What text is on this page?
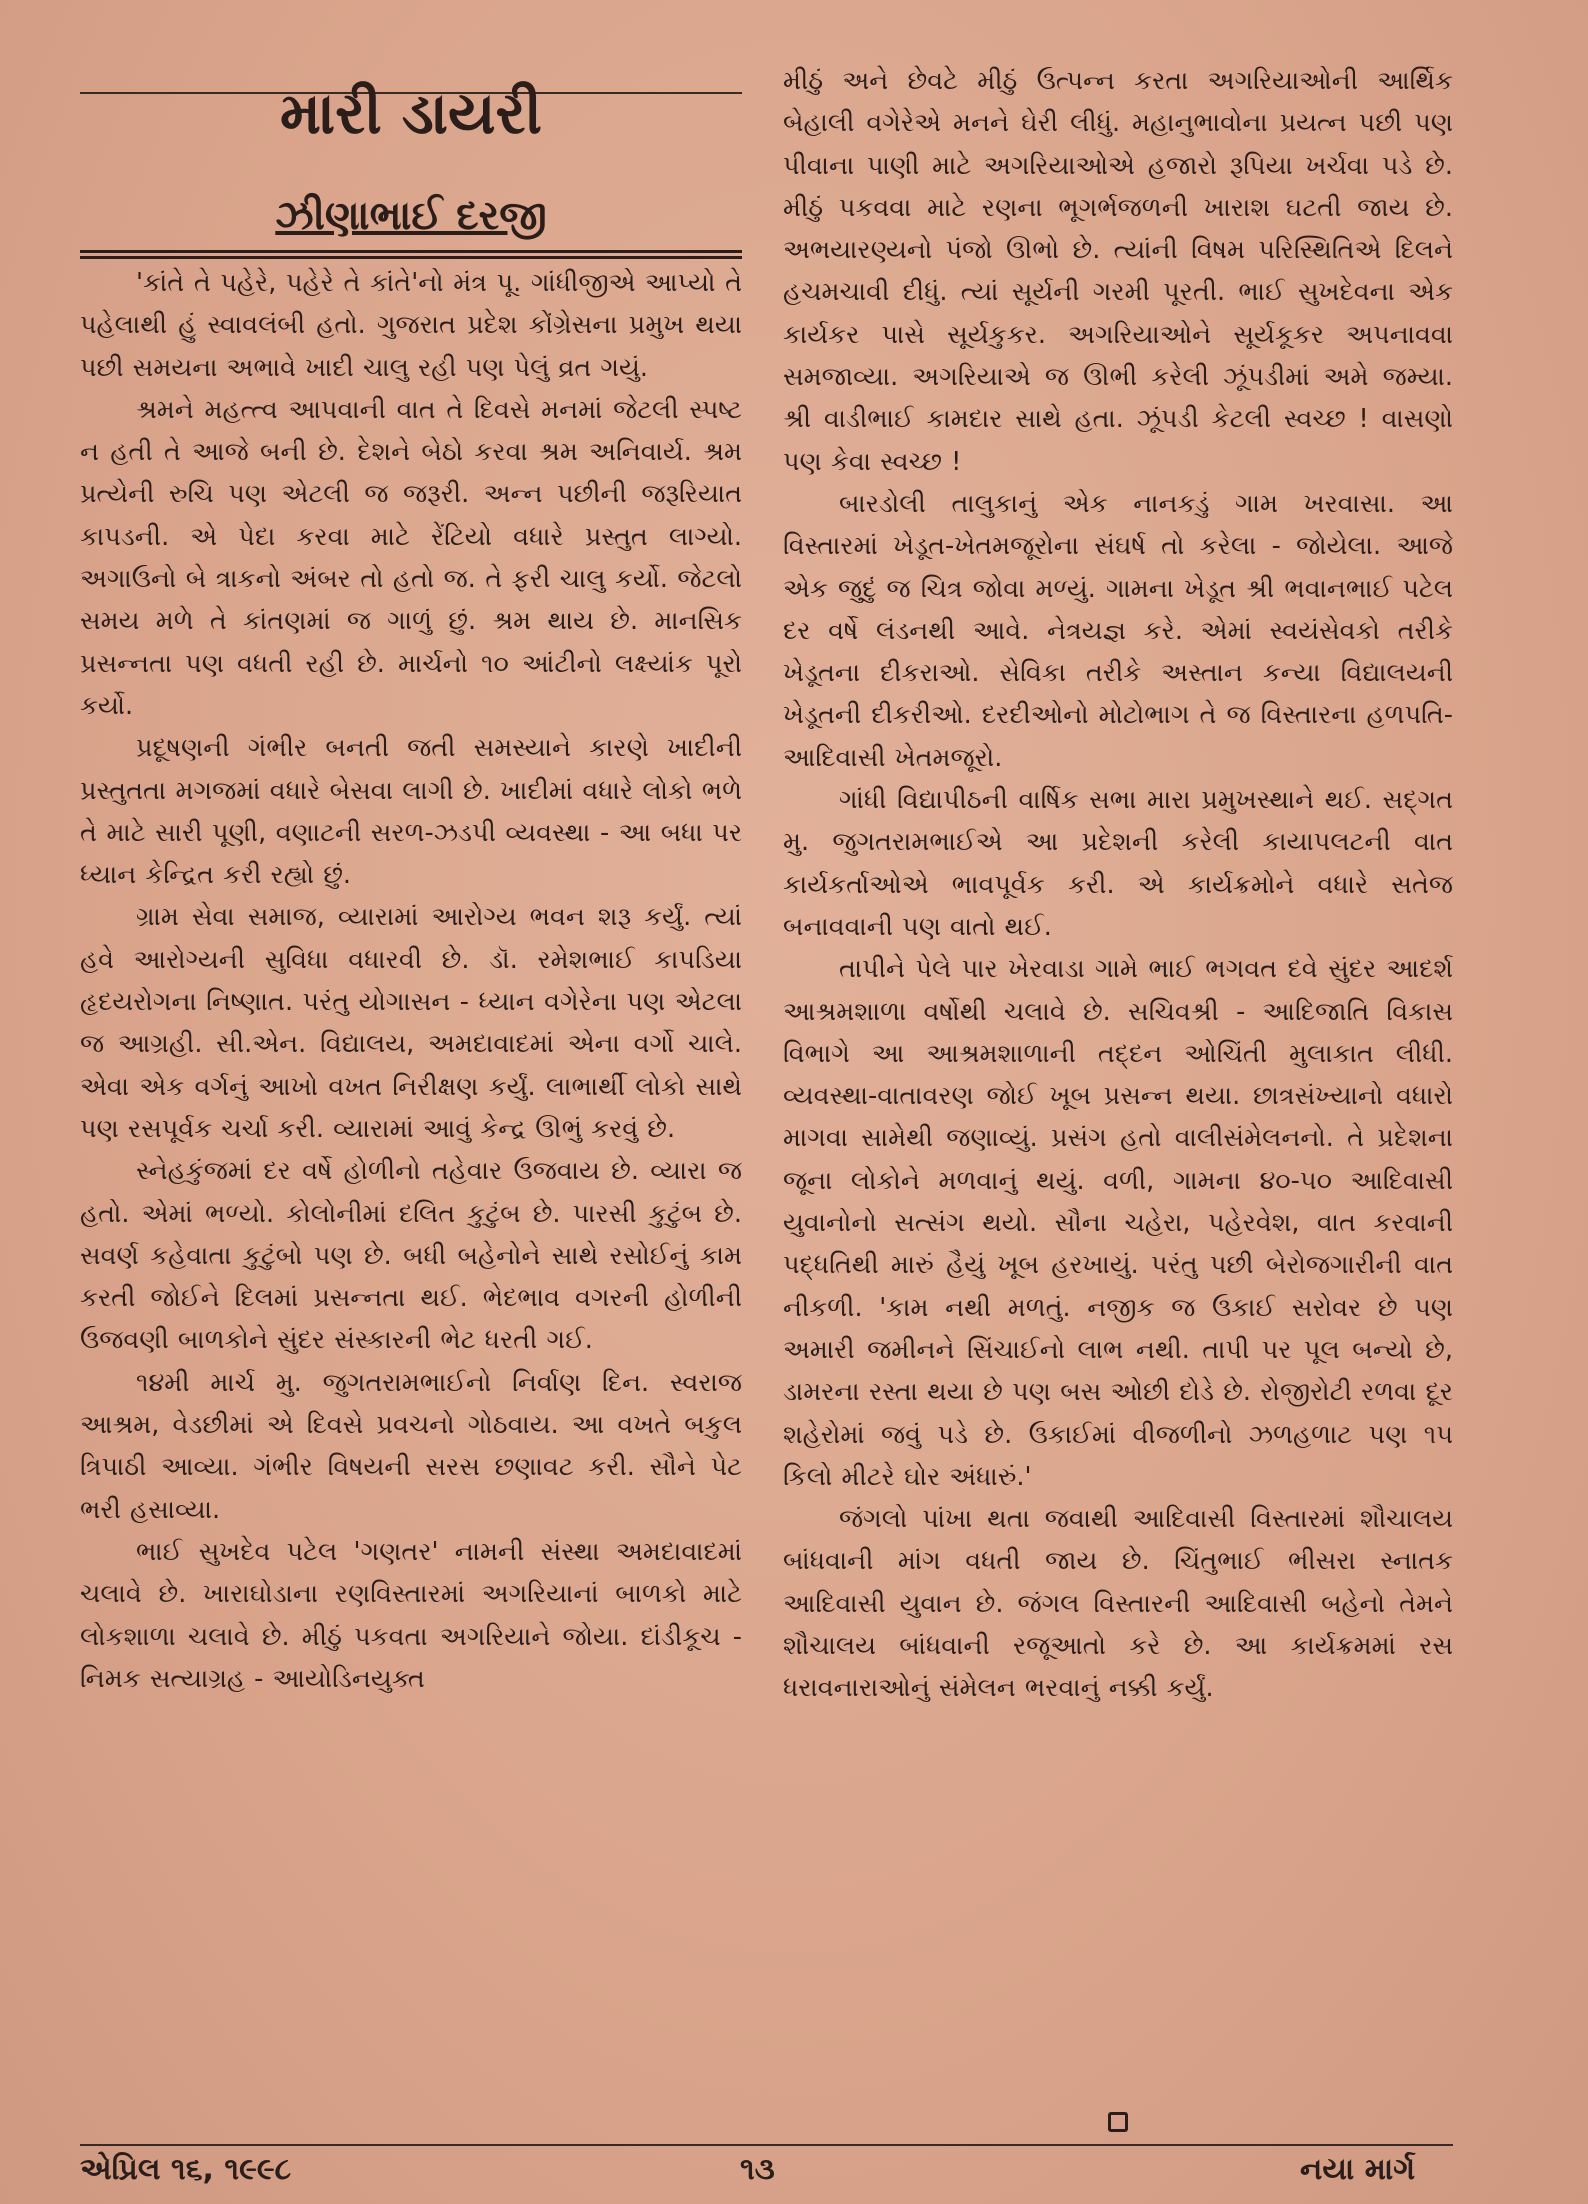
મારી ડાયરી
ઝીણાભાઈ દરજી

'કાંતે તે પહેરે, પહેરે તે કાંતે'નો મંત્ર પૂ. ગાંધીજીએ આપ્યો તે પહેલાથી હું સ્વાવલંબી હતો. ગુજરાત પ્રદેશ કોંગ્રેસના પ્રમુખ થયા પછી સમયના અભાવે ખાદી ચાલુ રહી પણ પેલું વ્રત ગયું.

શ્રમને મહત્ત્વ આપવાની વાત તે દિવસે મનમાં જેટલી સ્પષ્ટ ન હતી તે આજે બની છે. દેશને બેઠો કરવા શ્રમ અનિવાર્ય. શ્રમ પ્રત્યેની રુચિ પણ એટલી જ જરૂરી. અન્ન પછીની જરૂરિયાત કાપડની. એ પેદા કરવા માટે રેંટિયો વધારે પ્રસ્તુત લાગ્યો. અગાઉનો બે ત્રાકનો અંબર તો હતો જ. તે ફરી ચાલુ કર્યો. જેટલો સમય મળે તે કાંતણમાં જ ગાળું છું. શ્રમ થાય છે. માનસિક પ્રસન્નતા પણ વધતી રહી છે. માર્ચનો ૧૦ આંટીનો લક્ષ્યાંક પૂરો કર્યો.

પ્રદૂષણની ગંભીર બનતી જતી સમસ્યાને કારણે ખાદીની પ્રસ્તુતતા મગજમાં વધારે બેસવા લાગી છે. ખાદીમાં વધારે લોકો ભળે તે માટે સારી પૂણી, વણાટની સરળ-ઝડપી વ્યવસ્થા - આ બધા પર ધ્યાન કેન્દ્રિત કરી રહ્યો છું.

ગ્રામ સેવા સમાજ, વ્યારામાં આરોગ્ય ભવન શરૂ કર્યું. ત્યાં હવે આરોગ્યની સુવિધા વધારવી છે. ડૉ. રમેશભાઈ કાપડિયા હૃદયરોગના નિષ્ણાત. પરંતુ યોગાસન - ધ્યાન વગેરેના પણ એટલા જ આગ્રહી. સી.એન. વિદ્યાલય, અમદાવાદમાં એના વર્ગો ચાલે. એવા એક વર્ગનું આખો વખત નિરીક્ષણ કર્યું. લાભાર્થી લોકો સાથે પણ રસપૂર્વક ચર્ચા કરી. વ્યારામાં આવું કેન્દ્ર ઊભું કરવું છે.

સ્નેહકુંજમાં દર વર્ષે હોળીનો તહેવાર ઉજવાય છે. વ્યારા જ હતો. એમાં ભળ્યો. કોલોનીમાં દલિત કુટુંબ છે. પારસી કુટુંબ છે. સવર્ણ કહેવાતા કુટુંબો પણ છે. બધી બહેનોને સાથે રસોઈનું કામ કરતી જોઈને દિલમાં પ્રસન્નતા થઈ. ભેદભાવ વગરની હોળીની ઉજવણી બાળકોને સુંદર સંસ્કારની ભેટ ધરતી ગઈ.

૧૪મી માર્ચ મુ. જુગતરામભાઈનો નિર્વાણ દિન. સ્વરાજ આશ્રમ, વેડછીમાં એ દિવસે પ્રવચનો ગોઠવાય. આ વખતે બકુલ ત્રિપાઠી આવ્યા. ગંભીર વિષયની સરસ છણાવટ કરી. સૌને પેટ ભરી હસાવ્યા.

ભાઈ સુખદેવ પટેલ 'ગણતર' નામની સંસ્થા અમદાવાદમાં ચલાવે છે. ખારાઘોડાના રણવિસ્તારમાં અગરિયાનાં બાળકો માટે લોકશાળા ચલાવે છે. મીઠું પકવતા અગરિયાને જોયા. દાંડીકૂચ - નિમક સત્યાગ્રહ - આયોડિનયુક્ત

મીઠું અને છેવટે મીઠું ઉત્પન્ન કરતા અગરિયાઓની આર્થિક બેહાલી વગેરેએ મનને ઘેરી લીધું. મહાનુભાવોના પ્રયત્ન પછી પણ પીવાના પાણી માટે અગરિયાઓએ હજારો રૂપિયા ખર્ચવા પડે છે. મીઠું પકવવા માટે રણના ભૂગર્ભજળની ખારાશ ઘટતી જાય છે. અભયારણ્યનો પંજો ઊભો છે. ત્યાંની વિષમ પરિસ્થિતિએ દિલને હચમચાવી દીધું. ત્યાં સૂર્યની ગરમી પૂરતી. ભાઈ સુખદેવના એક કાર્યકર પાસે સૂર્યકુકર. અગરિયાઓને સૂર્યકૂકર અપનાવવા સમજાવ્યા. અગરિયાએ જ ઊભી કરેલી ઝૂંપડીમાં અમે જમ્યા. શ્રી વાડીભાઈ કામદાર સાથે હતા. ઝૂંપડી કેટલી સ્વચ્છ ! વાસણો પણ કેવા સ્વચ્છ !

બારડોલી તાલુકાનું એક નાનકડું ગામ ખરવાસા. આ વિસ્તારમાં ખેડૂત-ખેતમજૂરોના સંઘર્ષ તો કરેલા - જોયેલા. આજે એક જુદું જ ચિત્ર જોવા મળ્યું. ગામના ખેડૂત શ્રી ભવાનભાઈ પટેલ દર વર્ષે લંડનથી આવે. નેત્રયજ્ઞ કરે. એમાં સ્વયંસેવકો તરીકે ખેડૂતના દીકરાઓ. સેવિકા તરીકે અસ્તાન કન્યા વિદ્યાલયની ખેડૂતની દીકરીઓ. દરદીઓનો મોટોભાગ તે જ વિસ્તારના હળપતિ-આદિવાસી ખેતમજૂરો.

ગાંધી વિદ્યાપીઠની વાર્ષિક સભા મારા પ્રમુખસ્થાને થઈ. સદ્ગત મુ. જુગતરામભાઈએ આ પ્રદેશની કરેલી કાયાપલટની વાત કાર્યકર્તાઓએ ભાવપૂર્વક કરી. એ કાર્યક્રમોને વધારે સતેજ બનાવવાની પણ વાતો થઈ.

તાપીને પેલે પાર ખેરવાડા ગામે ભાઈ ભગવત દવે સુંદર આદર્શ આશ્રમશાળા વર્ષોથી ચલાવે છે. સચિવશ્રી - આદિજાતિ વિકાસ વિભાગે આ આશ્રમશાળાની તદ્દન ઓચિંતી મુલાકાત લીધી. વ્યવસ્થા-વાતાવરણ જોઈ ખૂબ પ્રસન્ન થયા. છાત્રસંખ્યાનો વધારો માગવા સામેથી જણાવ્યું. પ્રસંગ હતો વાલીસંમેલનનો. તે પ્રદેશના જૂના લોકોને મળવાનું થયું. વળી, ગામના ૪૦-૫૦ આદિવાસી યુવાનોનો સત્સંગ થયો. સૌના ચહેરા, પહેરવેશ, વાત કરવાની પદ્ધતિથી મારું હૈયું ખૂબ હરખાયું. પરંતુ પછી બેરોજગારીની વાત નીકળી. 'કામ નથી મળતું. નજીક જ ઉકાઈ સરોવર છે પણ અમારી જમીનને સિંચાઈનો લાભ નથી. તાપી પર પૂલ બન્યો છે, ડામરના રસ્તા થયા છે પણ બસ ઓછી દોડે છે. રોજીરોટી રળવા દૂર શહેરોમાં જવું પડે છે. ઉકાઈમાં વીજળીનો ઝળહળાટ પણ ૧૫ કિલો મીટરે ઘોર અંધારું.'

જંગલો પાંખા થતા જવાથી આદિવાસી વિસ્તારમાં શૌચાલય બાંધવાની માંગ વધતી જાય છે. ચિંતુભાઈ ભીસરા સ્નાતક આદિવાસી યુવાન છે. જંગલ વિસ્તારની આદિવાસી બહેનો તેમને શૌચાલય બાંધવાની રજૂઆતો કરે છે. આ કાર્યક્રમમાં રસ ધરાવનારાઓનું સંમેલન ભરવાનું નક્કી કર્યું.

એપ્રિલ ૧૬, ૧૯૯૮	૧૩	નયા માર્ગ
